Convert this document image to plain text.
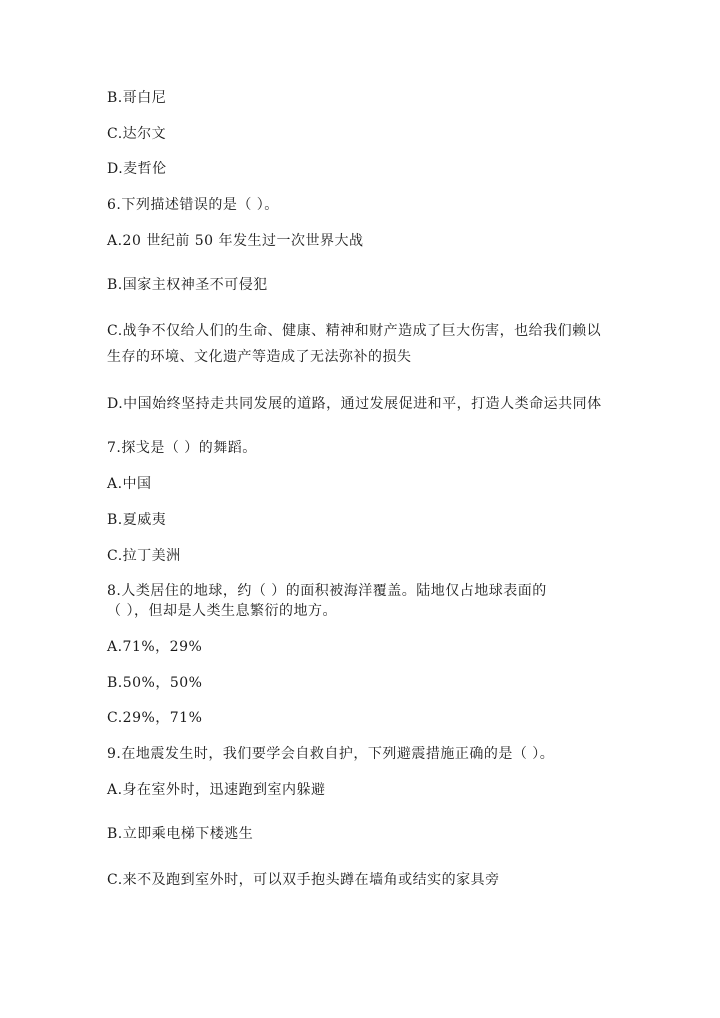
B.哥白尼
C.达尔文
D.麦哲伦
6.下列描述错误的是（ ）。
A.20 世纪前 50 年发生过一次世界大战
B.国家主权神圣不可侵犯
C.战争不仅给人们的生命、健康、精神和财产造成了巨大伤害，也给我们赖以
生存的环境、文化遗产等造成了无法弥补的损失
D.中国始终坚持走共同发展的道路，通过发展促进和平，打造人类命运共同体
7.探戈是（ ）的舞蹈。
A.中国
B.夏威夷
C.拉丁美洲
8.人类居住的地球，约（ ）的面积被海洋覆盖。陆地仅占地球表面的
（ ），但却是人类生息繁衍的地方。
A.71%，29%
B.50%，50%
C.29%，71%
9.在地震发生时，我们要学会自救自护，下列避震措施正确的是（ ）。
A.身在室外时，迅速跑到室内躲避
B.立即乘电梯下楼逃生
C.来不及跑到室外时，可以双手抱头蹲在墙角或结实的家具旁
